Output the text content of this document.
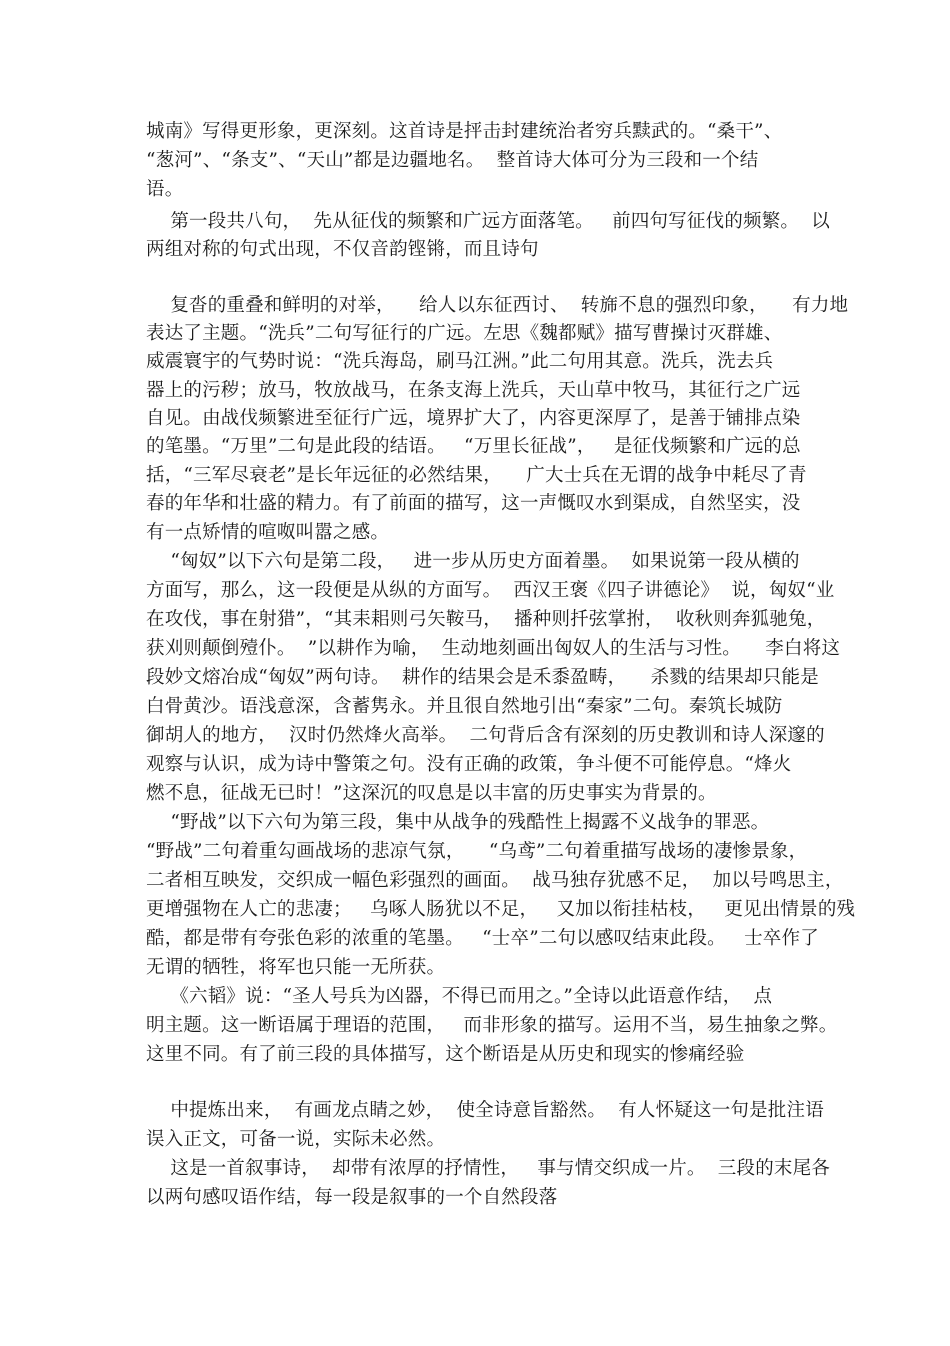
城南》写得更形象，更深刻。这首诗是抨击封建统治者穷兵黩武的。“桑干”、
“葱河”、“条支”、“天山”都是边疆地名。  整首诗大体可分为三段和一个结
语。
第一段共八句，  先从征伐的频繁和广远方面落笔。   前四句写征伐的频繁。  以
两组对称的句式出现，不仅音韵铿锵，而且诗句
复沓的重叠和鲜明的对举，    给人以东征西讨、  转旆不息的强烈印象，    有力地
表达了主题。“洗兵”二句写征行的广远。左思《魏都赋》描写曹操讨灭群雄、
威震寰宇的气势时说：“洗兵海岛，刷马江洲。”此二句用其意。洗兵，洗去兵
器上的污秽；放马，牧放战马，在条支海上洗兵，天山草中牧马，其征行之广远
自见。由战伐频繁进至征行广远，境界扩大了，内容更深厚了，是善于铺排点染
的笔墨。“万里”二句是此段的结语。   “万里长征战”，   是征伐频繁和广远的总
括，“三军尽衰老”是长年远征的必然结果，    广大士兵在无谓的战争中耗尽了青
春的年华和壮盛的精力。有了前面的描写，这一声慨叹水到渠成，自然坚实，没
有一点矫情的喧呶叫嚣之感。
“匈奴”以下六句是第二段，   进一步从历史方面着墨。  如果说第一段从横的
方面写，那么，这一段便是从纵的方面写。  西汉王褒《四子讲德论》  说，匈奴“业
在攻伐，事在射猎”，“其耒耜则弓矢鞍马，  播种则扦弦掌拊，  收秋则奔狐驰兔，
获刈则颠倒殪仆。  ”以耕作为喻，  生动地刻画出匈奴人的生活与习性。    李白将这
段妙文熔冶成“匈奴”两句诗。  耕作的结果会是禾黍盈畴，    杀戮的结果却只能是
白骨黄沙。语浅意深，含蓄隽永。并且很自然地引出“秦家”二句。秦筑长城防
御胡人的地方，  汉时仍然烽火高举。  二句背后含有深刻的历史教训和诗人深邃的
观察与认识，成为诗中警策之句。没有正确的政策，争斗便不可能停息。“烽火
燃不息，征战无已时！”这深沉的叹息是以丰富的历史事实为背景的。
“野战”以下六句为第三段，集中从战争的残酷性上揭露不义战争的罪恶。
“野战”二句着重勾画战场的悲凉气氛，    “乌鸢”二句着重描写战场的凄惨景象，
二者相互映发，交织成一幅色彩强烈的画面。  战马独存犹感不足，  加以号鸣思主，
更增强物在人亡的悲凄；   乌啄人肠犹以不足，   又加以衔挂枯枝，   更见出情景的残
酷，都是带有夸张色彩的浓重的笔墨。   “士卒”二句以感叹结束此段。   士卒作了
无谓的牺牲，将军也只能一无所获。
《六韬》说：“圣人号兵为凶器，不得已而用之。”全诗以此语意作结，  点
明主题。这一断语属于理语的范围，   而非形象的描写。运用不当，易生抽象之弊。
这里不同。有了前三段的具体描写，这个断语是从历史和现实的惨痛经验
中提炼出来，  有画龙点睛之妙，  使全诗意旨豁然。  有人怀疑这一句是批注语
误入正文，可备一说，实际未必然。
这是一首叙事诗，  却带有浓厚的抒情性，   事与情交织成一片。  三段的末尾各
以两句感叹语作结，每一段是叙事的一个自然段落
